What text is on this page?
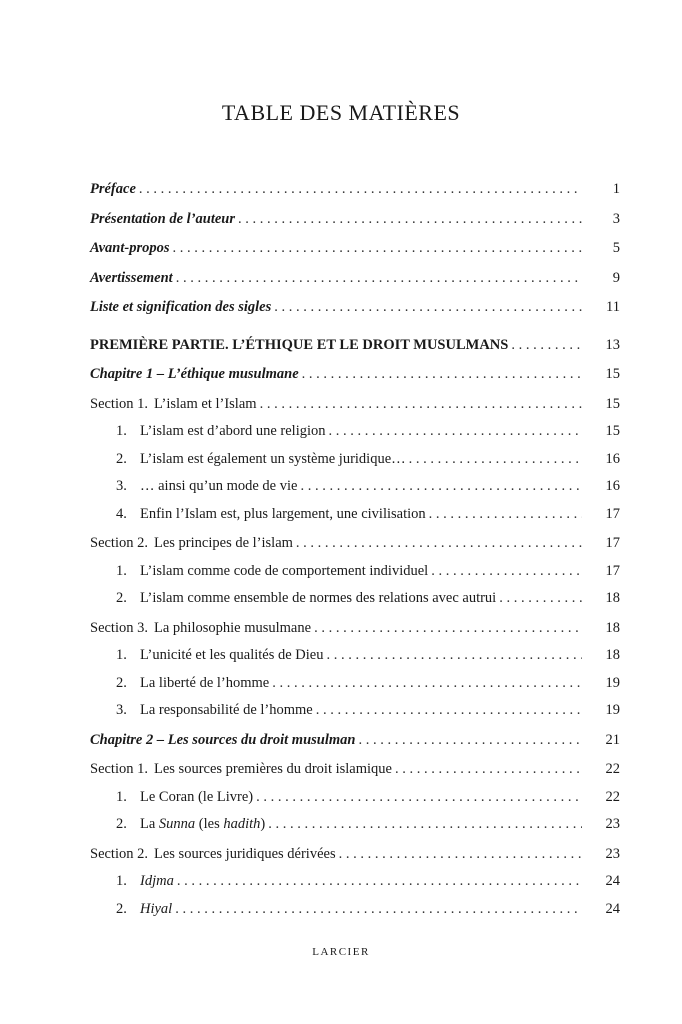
TABLE DES MATIÈRES
Préface . . .	1
Présentation de l’auteur . . .	3
Avant-propos . . .	5
Avertissement . . .	9
Liste et signification des sigles . . .	11
PREMIÈRE PARTIE. L’ÉTHIQUE ET LE DROIT MUSULMANS . . .	13
Chapitre 1 – L’éthique musulmane . . .	15
Section 1. L’islam et l’Islam . . .	15
1. L’islam est d’abord une religion . . .	15
2. L’islam est également un système juridique… . . .	16
3. … ainsi qu’un mode de vie . . .	16
4. Enfin l’Islam est, plus largement, une civilisation . . .	17
Section 2. Les principes de l’islam . . .	17
1. L’islam comme code de comportement individuel . . .	17
2. L’islam comme ensemble de normes des relations avec autrui . . .	18
Section 3. La philosophie musulmane . . .	18
1. L’unicité et les qualités de Dieu . . .	18
2. La liberté de l’homme . . .	19
3. La responsabilité de l’homme . . .	19
Chapitre 2 – Les sources du droit musulman . . .	21
Section 1. Les sources premières du droit islamique . . .	22
1. Le Coran (le Livre) . . .	22
2. La Sunna (les hadith) . . .	23
Section 2. Les sources juridiques dérivées . . .	23
1. Idjma . . .	24
2. Hiyal . . .	24
LARCIER
